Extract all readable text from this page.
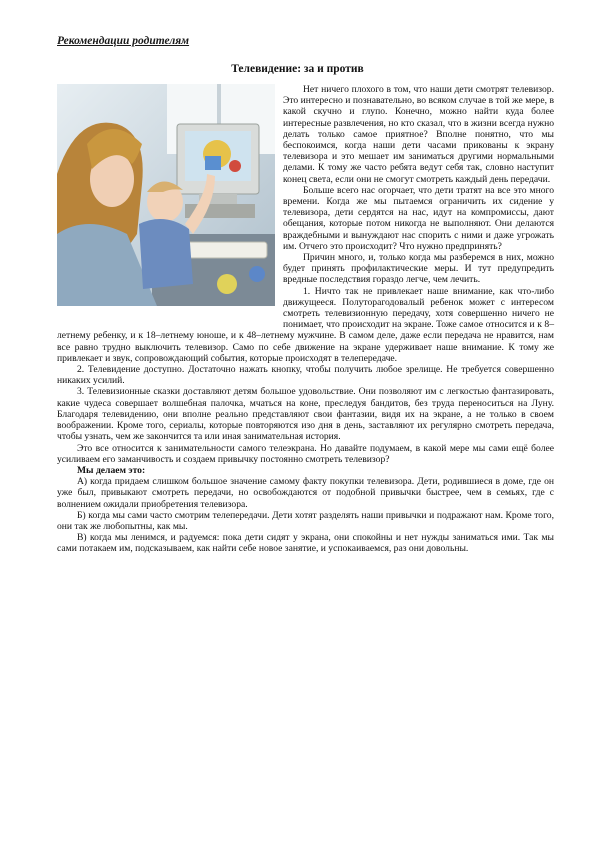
Рекомендации родителям
Телевидение: за и против

Нет ничего плохого в том, что наши дети смотрят телевизор. Это интересно и познавательно, во всяком случае в той же мере, в какой скучно и глупо. Конечно, можно найти куда более интересные развлечения, но кто сказал, что в жизни всегда нужно делать только самое приятное? Вполне понятно, что мы беспокоимся, когда наши дети часами прикованы к экрану телевизора и это мешает им заниматься другими нормальными делами. К тому же часто ребята ведут себя так, словно наступит конец света, если они не смогут смотреть каждый день передачи.

Больше всего нас огорчает, что дети тратят на все это много времени. Когда же мы пытаемся ограничить их сидение у телевизора, дети сердятся на нас, идут на компромиссы, дают обещания, которые потом никогда не выполняют. Они делаются враждебными и вынуждают нас спорить с ними и даже угрожать им. Отчего это происходит? Что нужно предпринять?

Причин много, и, только когда мы разберемся в них, можно будет принять профилактические меры. И тут предупредить вредные последствия гораздо легче, чем лечить.

1. Ничто так не привлекает наше внимание, как что-либо движущееся. Полуторагодовалый ребенок может с интересом смотреть телевизионную передачу, хотя совершенно ничего не понимает, что происходит на экране. Тоже самое относится и к 8–летнему ребенку, и к 18–летнему юноше, и к 48–летнему мужчине. В самом деле, даже если передача не нравится, нам все равно трудно выключить телевизор. Само по себе движение на экране удерживает наше внимание. К тому же привлекает и звук, сопровождающий события, которые происходят в телепередаче.

2. Телевидение доступно. Достаточно нажать кнопку, чтобы получить любое зрелище. Не требуется совершенно никаких усилий.

3. Телевизионные сказки доставляют детям большое удовольствие. Они позволяют им с легкостью фантазировать, какие чудеса совершает волшебная палочка, мчаться на коне, преследуя бандитов, без труда переноситься на Луну. Благодаря телевидению, они вполне реально представляют свои фантазии, видя их на экране, а не только в своем воображении. Кроме того, сериалы, которые повторяются изо дня в день, заставляют их регулярно смотреть передача, чтобы узнать, чем же закончится та или иная занимательная история.

Это все относится к занимательности самого телеэкрана. Но давайте подумаем, в какой мере мы сами ещё более усиливаем его заманчивость и создаем привычку постоянно смотреть телевизор?

Мы делаем это:

А) когда придаем слишком большое значение самому факту покупки телевизора. Дети, родившиеся в доме, где он уже был, привыкают смотреть передачи, но освобождаются от подобной привычки быстрее, чем в семьях, где с волнением ожидали приобретения телевизора.

Б) когда мы сами часто смотрим телепередачи. Дети хотят разделять наши привычки и подражают нам. Кроме того, они так же любопытны, как мы.

В) когда мы ленимся, и радуемся: пока дети сидят у экрана, они спокойны и нет нужды заниматься ими. Так мы сами потакаем им, подсказываем, как найти себе новое занятие, и успокаиваемся, раз они довольны.
